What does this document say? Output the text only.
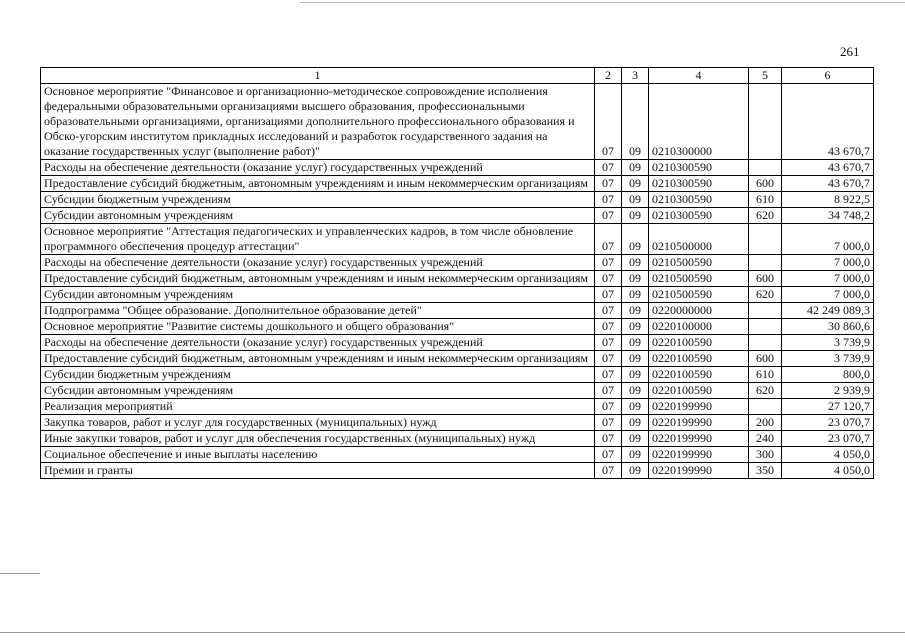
261
1	2	3	4	5	6
Основное мероприятие "Финансовое и организационно-методическое сопровождение исполнения федеральными образовательными организациями высшего образования, профессиональными образовательными организациями, организациями дополнительного профессионального образования и Обско-угорским институтом прикладных исследований и разработок государственного задания на оказание государственных услуг (выполнение работ)"	07	09	0210300000		43 670,7
Расходы на обеспечение деятельности (оказание услуг) государственных учреждений	07	09	0210300590		43 670,7
Предоставление субсидий бюджетным, автономным учреждениям и иным некоммерческим организациям	07	09	0210300590	600	43 670,7
Субсидии бюджетным учреждениям	07	09	0210300590	610	8 922,5
Субсидии автономным учреждениям	07	09	0210300590	620	34 748,2
Основное мероприятие "Аттестация педагогических и управленческих кадров, в том числе обновление программного обеспечения процедур аттестации"	07	09	0210500000		7 000,0
Расходы на обеспечение деятельности (оказание услуг) государственных учреждений	07	09	0210500590		7 000,0
Предоставление субсидий бюджетным, автономным учреждениям и иным некоммерческим организациям	07	09	0210500590	600	7 000,0
Субсидии автономным учреждениям	07	09	0210500590	620	7 000,0
Подпрограмма "Общее образование. Дополнительное образование детей"	07	09	0220000000		42 249 089,3
Основное мероприятие "Развитие системы дошкольного и общего образования"	07	09	0220100000		30 860,6
Расходы на обеспечение деятельности (оказание услуг) государственных учреждений	07	09	0220100590		3 739,9
Предоставление субсидий бюджетным, автономным учреждениям и иным некоммерческим организациям	07	09	0220100590	600	3 739,9
Субсидии бюджетным учреждениям	07	09	0220100590	610	800,0
Субсидии автономным учреждениям	07	09	0220100590	620	2 939,9
Реализация мероприятий	07	09	0220199990		27 120,7
Закупка товаров, работ и услуг для государственных (муниципальных) нужд	07	09	0220199990	200	23 070,7
Иные закупки товаров, работ и услуг для обеспечения государственных (муниципальных) нужд	07	09	0220199990	240	23 070,7
Социальное обеспечение и иные выплаты населению	07	09	0220199990	300	4 050,0
Премии и гранты	07	09	0220199990	350	4 050,0
